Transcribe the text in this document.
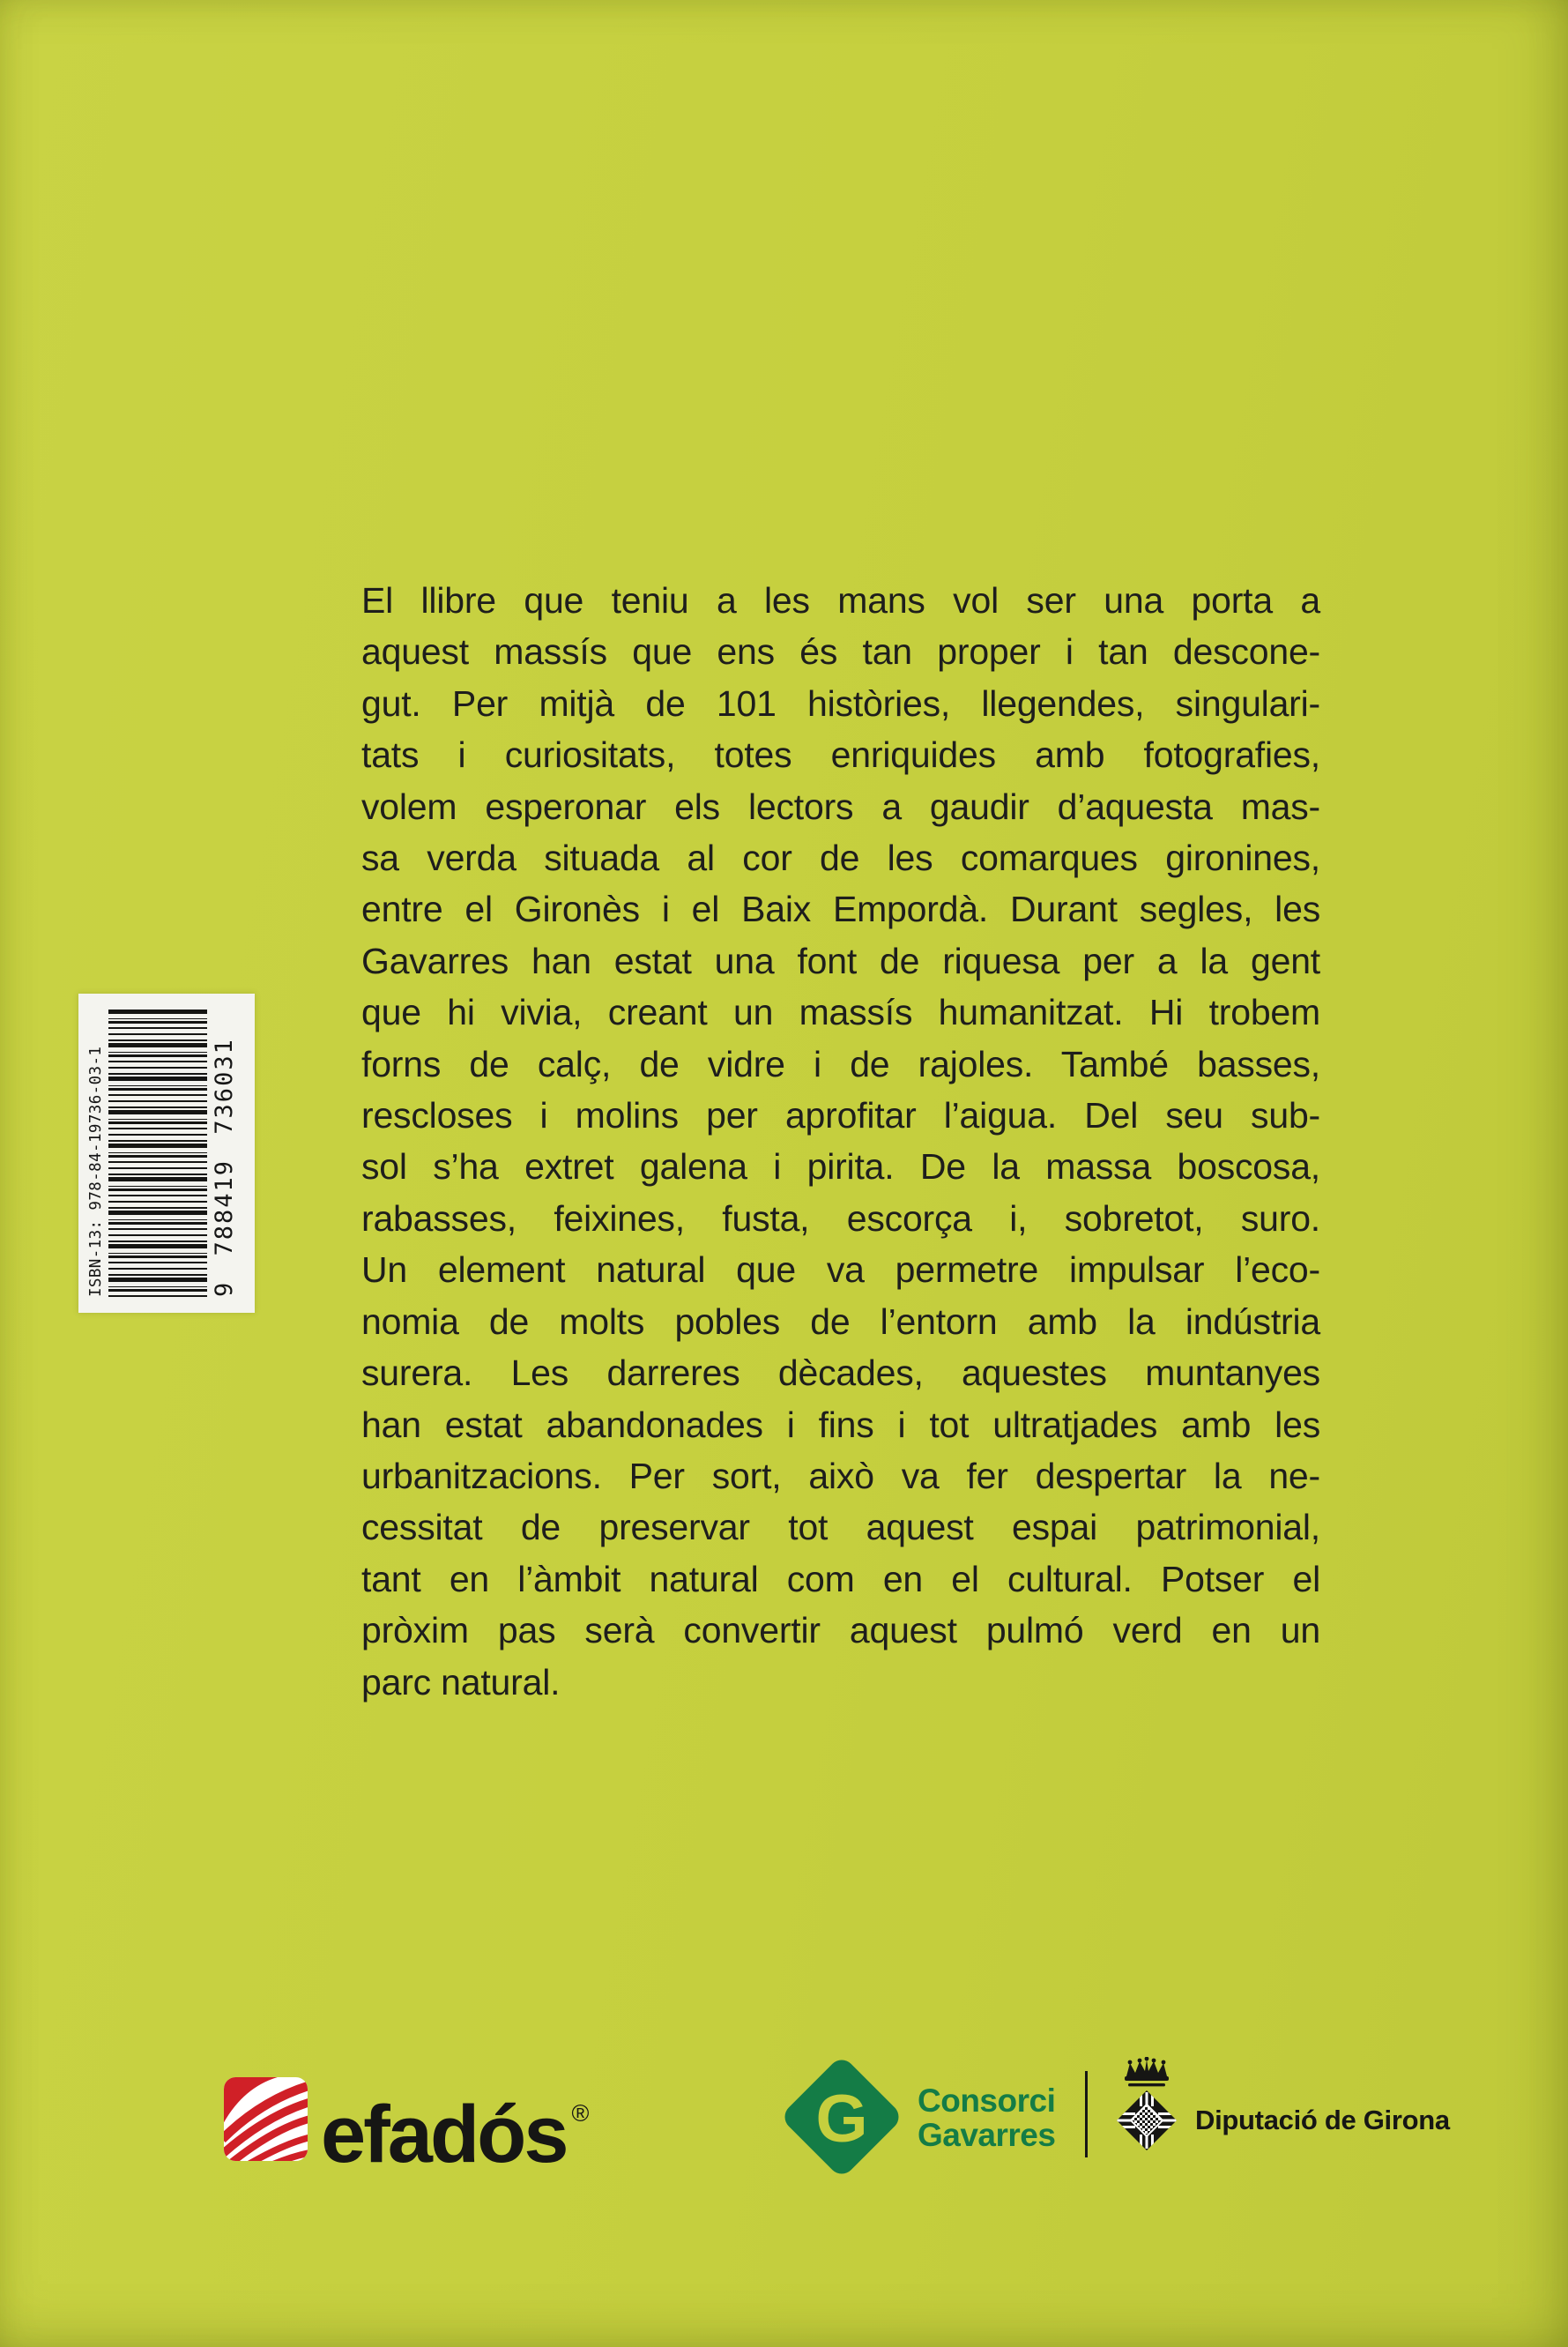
El llibre que teniu a les mans vol ser una porta a
aquest massís que ens és tan proper i tan descone-
gut. Per mitjà de 101 històries, llegendes, singulari-
tats i curiositats, totes enriquides amb fotografies,
volem esperonar els lectors a gaudir d’aquesta mas-
sa verda situada al cor de les comarques gironines,
entre el Gironès i el Baix Empordà. Durant segles, les
Gavarres han estat una font de riquesa per a la gent
que hi vivia, creant un massís humanitzat. Hi trobem
forns de calç, de vidre i de rajoles. També basses,
rescloses i molins per aprofitar l’aigua. Del seu sub-
sol s’ha extret galena i pirita. De la massa boscosa,
rabasses, feixines, fusta, escorça i, sobretot, suro.
Un element natural que va permetre impulsar l’eco-
nomia de molts pobles de l’entorn amb la indústria
surera. Les darreres dècades, aquestes muntanyes
han estat abandonades i fins i tot ultratjades amb les
urbanitzacions. Per sort, això va fer despertar la ne-
cessitat de preservar tot aquest espai patrimonial,
tant en l’àmbit natural com en el cultural. Potser el
pròxim pas serà convertir aquest pulmó verd en un
parc natural.
ISBN-13: 978-84-19736-03-1	9 788419 736031
efadós ®	G Consorci
Gavarres	Diputació de Girona
